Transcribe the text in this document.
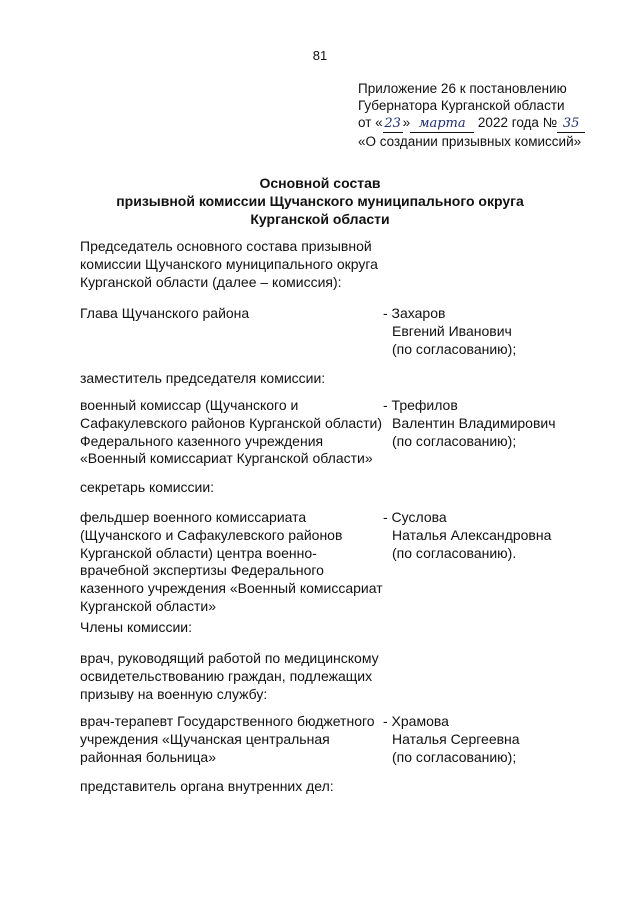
81
Приложение 26 к постановлению
Губернатора Курганской области
от « 23 » марта 2022 года № 35
«О создании призывных комиссий»
Основной состав
призывной комиссии Щучанского муниципального округа
Курганской области
Председатель основного состава призывной
комиссии Щучанского муниципального округа
Курганской области (далее – комиссия):
Глава Щучанского района	- Захаров
Евгений Иванович
(по согласованию);
заместитель председателя комиссии:
военный комиссар (Щучанского и
Сафакулевского районов Курганской области)
Федерального казенного учреждения
«Военный комиссариат Курганской области»
- Трефилов
Валентин Владимирович
(по согласованию);
секретарь комиссии:
фельдшер военного комиссариата
(Щучанского и Сафакулевского районов
Курганской области) центра военно-
врачебной экспертизы Федерального
казенного учреждения «Военный комиссариат
Курганской области»
- Суслова
Наталья Александровна
(по согласованию).
Члены комиссии:
врач, руководящий работой по медицинскому
освидетельствованию граждан, подлежащих
призыву на военную службу:
врач-терапевт Государственного бюджетного
учреждения «Щучанская центральная
районная больница»
- Храмова
Наталья Сергеевна
(по согласованию);
представитель органа внутренних дел:
